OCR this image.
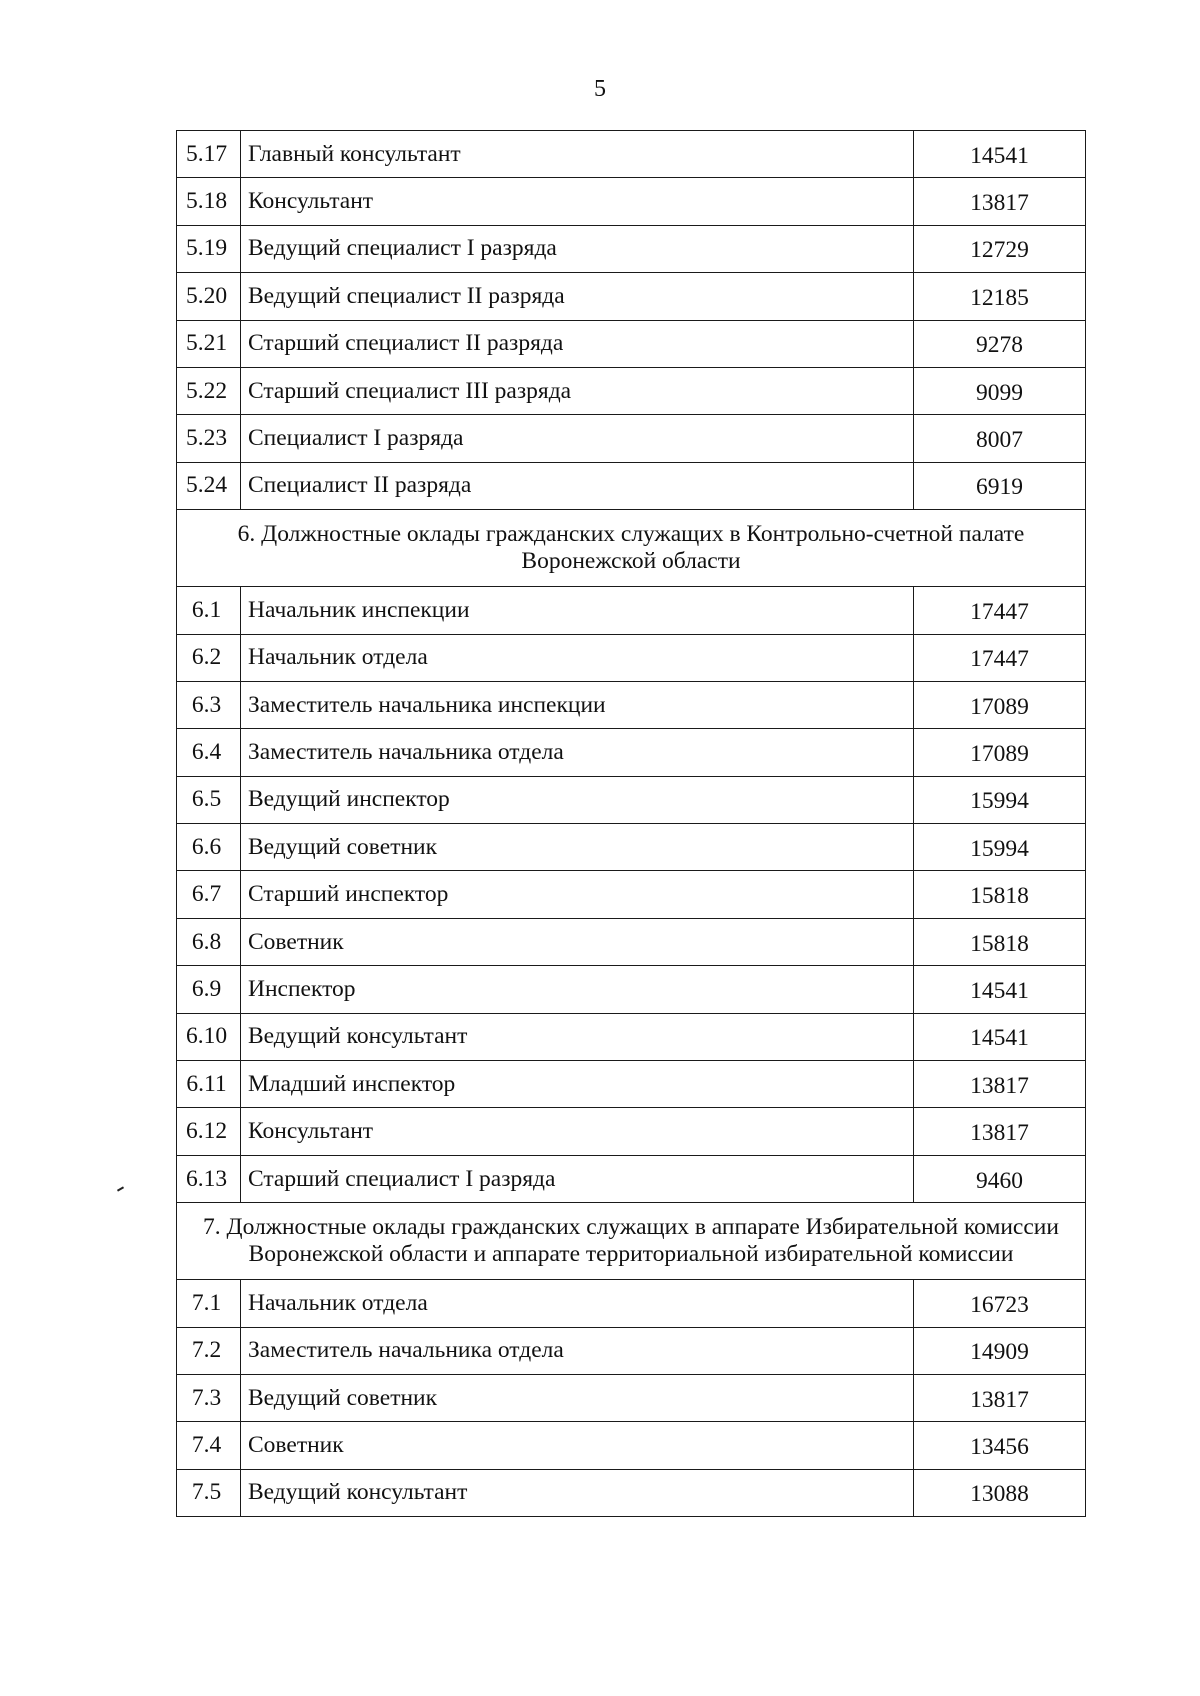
5
5.17	Главный консультант	14541
5.18	Консультант	13817
5.19	Ведущий специалист I разряда	12729
5.20	Ведущий специалист II разряда	12185
5.21	Старший специалист II разряда	9278
5.22	Старший специалист III разряда	9099
5.23	Специалист I разряда	8007
5.24	Специалист II разряда	6919
6. Должностные оклады гражданских служащих в Контрольно-счетной палате
Воронежской области		
6.1	Начальник инспекции	17447
6.2	Начальник отдела	17447
6.3	Заместитель начальника инспекции	17089
6.4	Заместитель начальника отдела	17089
6.5	Ведущий инспектор	15994
6.6	Ведущий советник	15994
6.7	Старший инспектор	15818
6.8	Советник	15818
6.9	Инспектор	14541
6.10	Ведущий консультант	14541
6.11	Младший инспектор	13817
6.12	Консультант	13817
6.13	Старший специалист I разряда	9460
7. Должностные оклады гражданских служащих в аппарате Избирательной комиссии
Воронежской области и аппарате территориальной избирательной комиссии		
7.1	Начальник отдела	16723
7.2	Заместитель начальника отдела	14909
7.3	Ведущий советник	13817
7.4	Советник	13456
7.5	Ведущий консультант	13088
